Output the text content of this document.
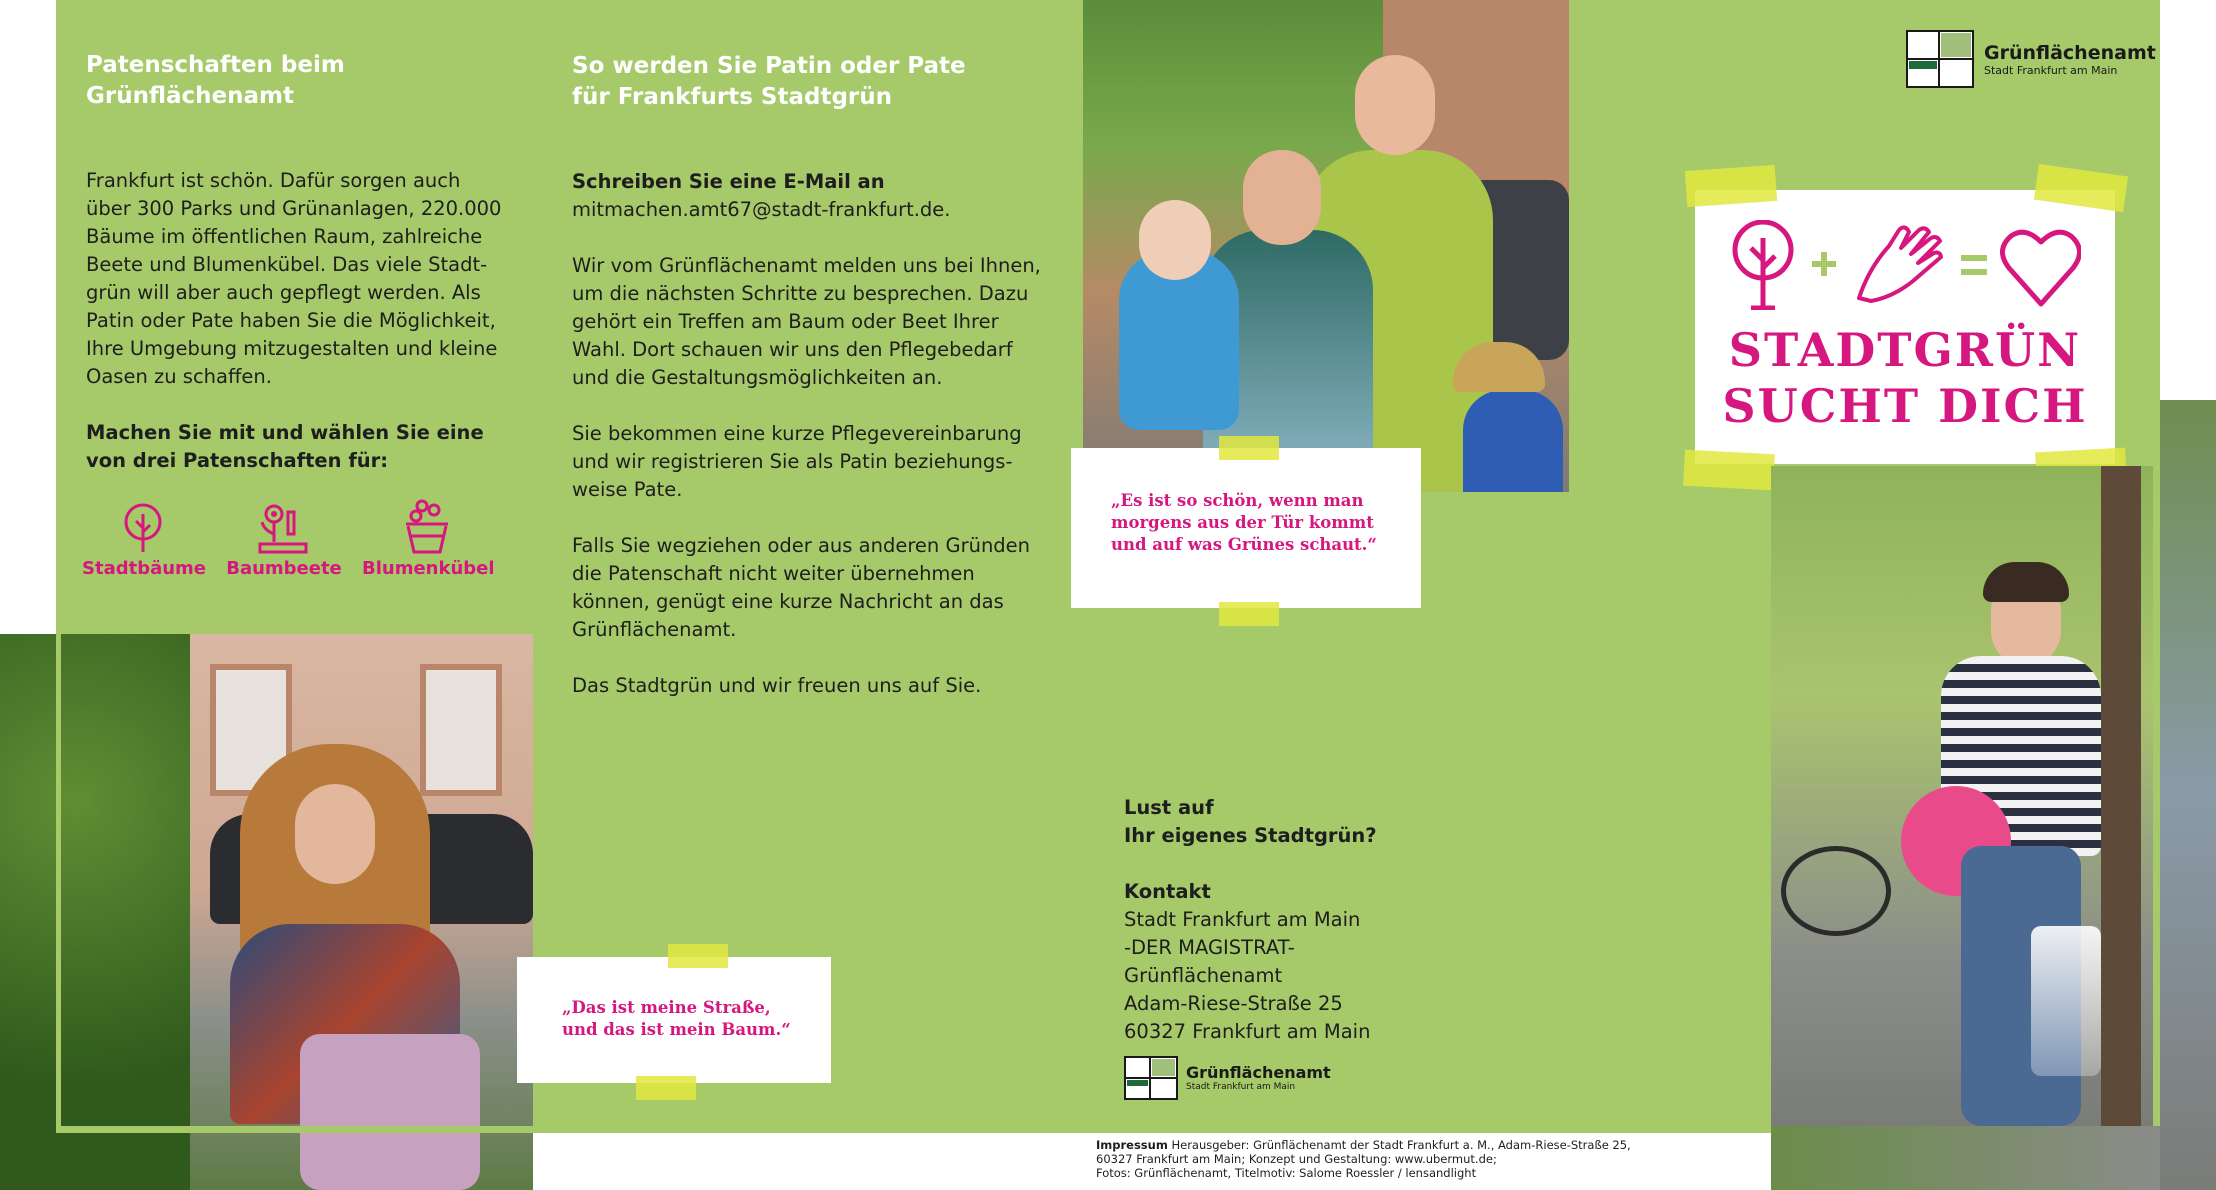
Patenschaften beim
Grünflächenamt
Frankfurt ist schön. Dafür sorgen auch
über 300 Parks und Grünanlagen, 220.000
Bäume im öffentlichen Raum, zahlreiche
Beete und Blumenkübel. Das viele Stadt-
grün will aber auch gepflegt werden. Als
Patin oder Pate haben Sie die Möglichkeit,
Ihre Umgebung mitzugestalten und kleine
Oasen zu schaffen.
Machen Sie mit und wählen Sie eine
von drei Patenschaften für:
Stadtbäume Baumbeete Blumenkübel
„Das ist meine Straße,
und das ist mein Baum.“
So werden Sie Patin oder Pate
für Frankfurts Stadtgrün
Schreiben Sie eine E-Mail an
mitmachen.amt67@stadt-frankfurt.de.
Wir vom Grünflächenamt melden uns bei Ihnen,
um die nächsten Schritte zu besprechen. Dazu
gehört ein Treffen am Baum oder Beet Ihrer
Wahl. Dort schauen wir uns den Pflegebedarf
und die Gestaltungsmöglichkeiten an.
Sie bekommen eine kurze Pflegevereinbarung
und wir registrieren Sie als Patin beziehungs-
weise Pate.
Falls Sie wegziehen oder aus anderen Gründen
die Patenschaft nicht weiter übernehmen
können, genügt eine kurze Nachricht an das
Grünflächenamt.
Das Stadtgrün und wir freuen uns auf Sie.
„Es ist so schön, wenn man
morgens aus der Tür kommt
und auf was Grünes schaut.“
Lust auf
Ihr eigenes Stadtgrün?
Kontakt
Stadt Frankfurt am Main
-DER MAGISTRAT-
Grünflächenamt
Adam-Riese-Straße 25
60327 Frankfurt am Main
Grünflächenamt
Stadt Frankfurt am Main
Impressum Herausgeber: Grünflächenamt der Stadt Frankfurt a. M., Adam-Riese-Straße 25,
60327 Frankfurt am Main; Konzept und Gestaltung: www.ubermut.de;
Fotos: Grünflächenamt, Titelmotiv: Salome Roessler / lensandlight
Grünflächenamt
Stadt Frankfurt am Main
STADTGRÜN
SUCHT DICH
